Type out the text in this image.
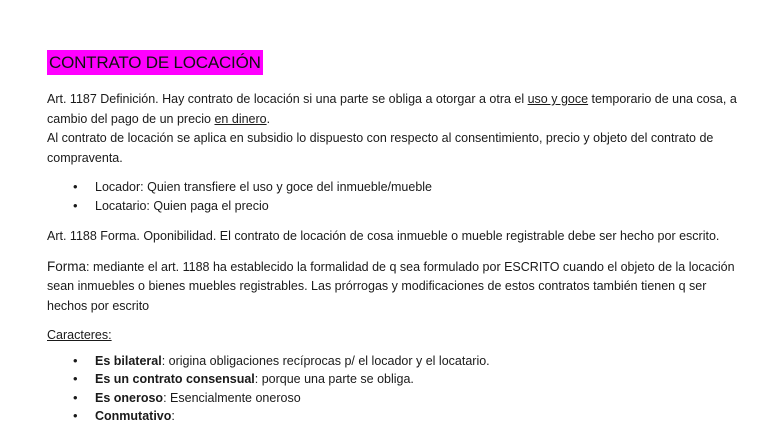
CONTRATO DE LOCACIÓN

Art. 1187 Definición. Hay contrato de locación si una parte se obliga a otorgar a otra el uso y goce temporario de una cosa, a cambio del pago de un precio en dinero.

Al contrato de locación se aplica en subsidio lo dispuesto con respecto al consentimiento, precio y objeto del contrato de compraventa.

• Locador: Quien transfiere el uso y goce del inmueble/mueble
• Locatario: Quien paga el precio

Art. 1188 Forma. Oponibilidad. El contrato de locación de cosa inmueble o mueble registrable debe ser hecho por escrito.

Forma: mediante el art. 1188 ha establecido la formalidad de q sea formulado por ESCRITO cuando el objeto de la locación sean inmuebles o bienes muebles registrables. Las prórrogas y modificaciones de estos contratos también tienen q ser hechos por escrito

Caracteres:

• Es bilateral: origina obligaciones recíprocas p/ el locador y el locatario.
• Es un contrato consensual: porque una parte se obliga.
• Es oneroso: Esencialmente oneroso
• Conmutativo:
